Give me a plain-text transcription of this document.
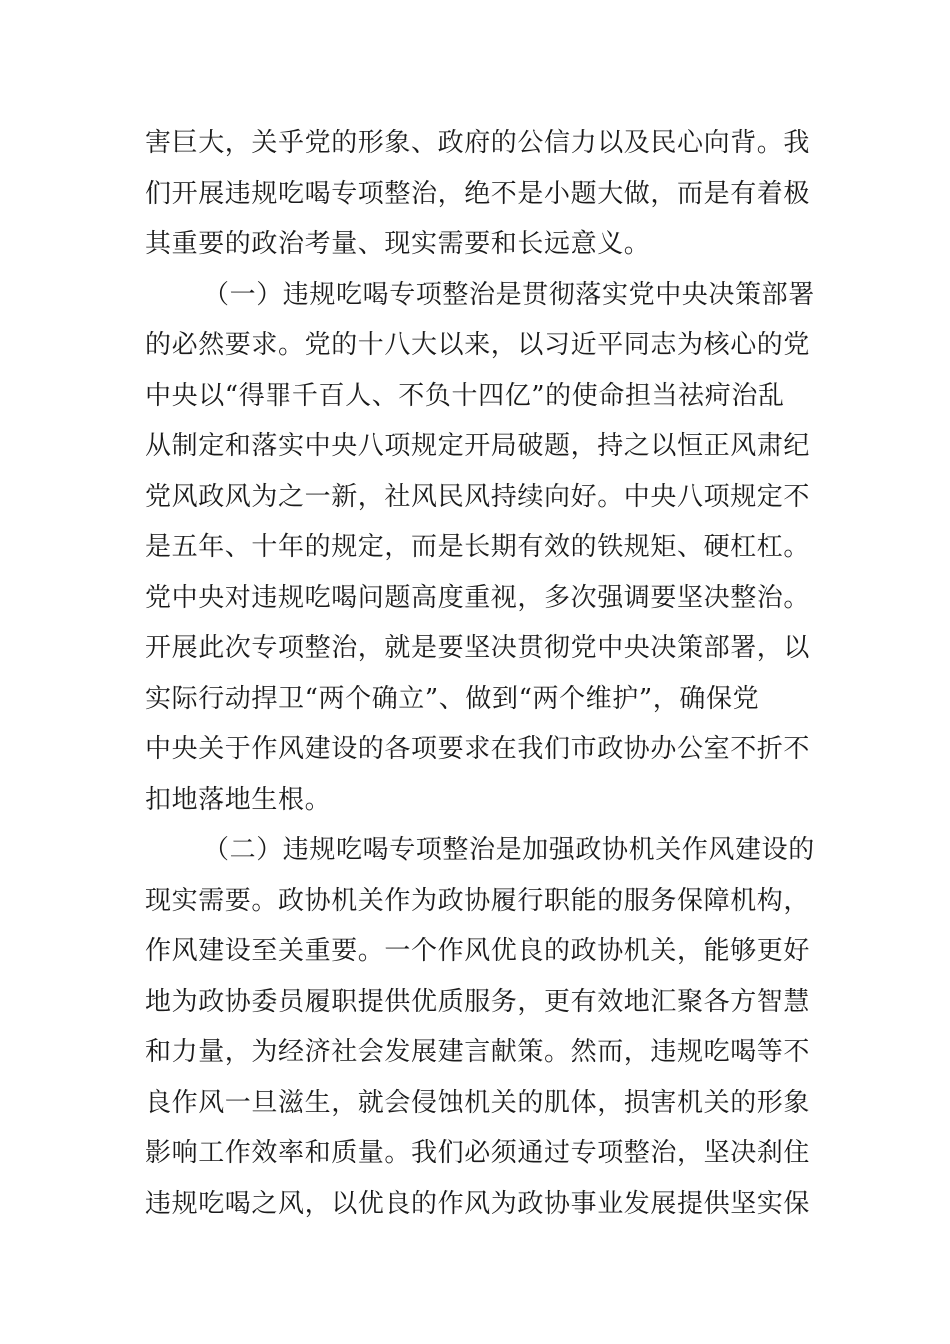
害巨大，关乎党的形象、政府的公信力以及民心向背。我
们开展违规吃喝专项整治，绝不是小题大做，而是有着极
其重要的政治考量、现实需要和长远意义。
（一）违规吃喝专项整治是贯彻落实党中央决策部署
的必然要求。党的十八大以来，以习近平同志为核心的党
中央以“得罪千百人、不负十四亿”的使命担当祛疴治乱
从制定和落实中央八项规定开局破题，持之以恒正风肃纪
党风政风为之一新，社风民风持续向好。中央八项规定不
是五年、十年的规定，而是长期有效的铁规矩、硬杠杠。
党中央对违规吃喝问题高度重视，多次强调要坚决整治。
开展此次专项整治，就是要坚决贯彻党中央决策部署，以
实际行动捍卫“两个确立”、做到“两个维护”，确保党
中央关于作风建设的各项要求在我们市政协办公室不折不
扣地落地生根。
（二）违规吃喝专项整治是加强政协机关作风建设的
现实需要。政协机关作为政协履行职能的服务保障机构，
作风建设至关重要。一个作风优良的政协机关，能够更好
地为政协委员履职提供优质服务，更有效地汇聚各方智慧
和力量，为经济社会发展建言献策。然而，违规吃喝等不
良作风一旦滋生，就会侵蚀机关的肌体，损害机关的形象
影响工作效率和质量。我们必须通过专项整治，坚决刹住
违规吃喝之风，以优良的作风为政协事业发展提供坚实保
